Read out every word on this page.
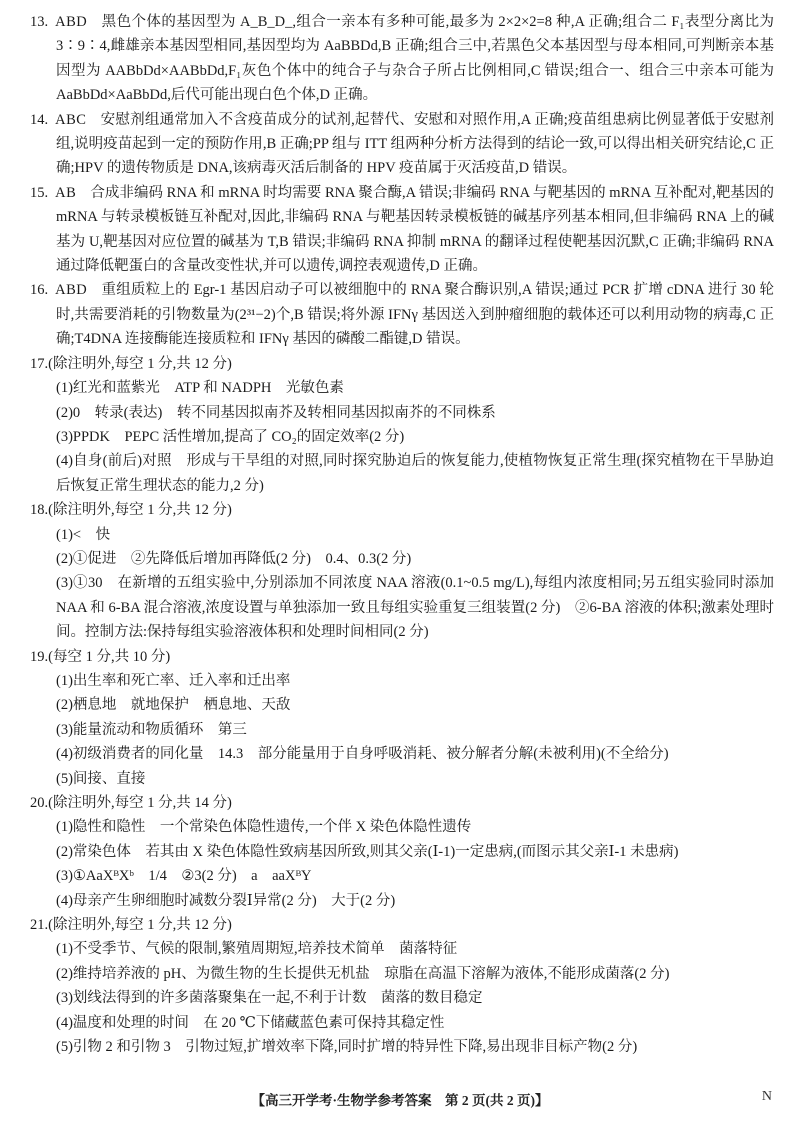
13. ABD 黑色个体的基因型为 A_B_D_,组合一亲本有多种可能,最多为 2×2×2=8 种,A 正确;组合二 F₁表型分离比为3∶9∶4,雌雄亲本基因型相同,基因型均为 AaBBDd,B 正确;组合三中,若黑色父本基因型与母本相同,可判断亲本基因型为 AABbDd×AABbDd,F₁灰色个体中的纯合子与杂合子所占比例相同,C 错误;组合一、组合三中亲本可能为 AaBbDd×AaBbDd,后代可能出现白色个体,D 正确。

14. ABC 安慰剂组通常加入不含疫苗成分的试剂,起替代、安慰和对照作用,A 正确;疫苗组患病比例显著低于安慰剂组,说明疫苗起到一定的预防作用,B 正确;PP 组与 ITT 组两种分析方法得到的结论一致,可以得出相关研究结论,C 正确;HPV 的遗传物质是 DNA,该病毒灭活后制备的 HPV 疫苗属于灭活疫苗,D 错误。

15. AB 合成非编码 RNA 和 mRNA 时均需要 RNA 聚合酶,A 错误;非编码 RNA 与靶基因的 mRNA 互补配对,靶基因的 mRNA 与转录模板链互补配对,因此,非编码 RNA 与靶基因转录模板链的碱基序列基本相同,但非编码 RNA 上的碱基为 U,靶基因对应位置的碱基为 T,B 错误;非编码 RNA 抑制 mRNA 的翻译过程使靶基因沉默,C 正确;非编码 RNA 通过降低靶蛋白的含量改变性状,并可以遗传,调控表观遗传,D 正确。

16. ABD 重组质粒上的 Egr-1 基因启动子可以被细胞中的 RNA 聚合酶识别,A 错误;通过 PCR 扩增 cDNA 进行 30 轮时,共需要消耗的引物数量为(2³¹−2)个,B 错误;将外源 IFNγ 基因送入到肿瘤细胞的载体还可以利用动物的病毒,C 正确;T4DNA 连接酶能连接质粒和 IFNγ 基因的磷酸二酯键,D 错误。

17.(除注明外,每空 1 分,共 12 分)

(1)红光和蓝紫光　ATP 和 NADPH　光敏色素

(2)0　转录(表达)　转不同基因拟南芥及转相同基因拟南芥的不同株系

(3)PPDK　PEPC 活性增加,提高了 CO₂的固定效率(2 分)

(4)自身(前后)对照　形成与干旱组的对照,同时探究胁迫后的恢复能力,使植物恢复正常生理(探究植物在干旱胁迫后恢复正常生理状态的能力,2 分)

18.(除注明外,每空 1 分,共 12 分)

(1)<　快

(2)①促进　②先降低后增加再降低(2 分)　0.4、0.3(2 分)

(3)①30　在新增的五组实验中,分别添加不同浓度 NAA 溶液(0.1~0.5 mg/L),每组内浓度相同;另五组实验同时添加 NAA 和 6-BA 混合溶液,浓度设置与单独添加一致且每组实验重复三组装置(2 分)　②6-BA 溶液的体积;激素处理时间。控制方法:保持每组实验溶液体积和处理时间相同(2 分)

19.(每空 1 分,共 10 分)

(1)出生率和死亡率、迁入率和迁出率

(2)栖息地　就地保护　栖息地、天敌

(3)能量流动和物质循环　第三

(4)初级消费者的同化量　14.3　部分能量用于自身呼吸消耗、被分解者分解(未被利用)(不全给分)

(5)间接、直接

20.(除注明外,每空 1 分,共 14 分)

(1)隐性和隐性　一个常染色体隐性遗传,一个伴 X 染色体隐性遗传

(2)常染色体　若其由 X 染色体隐性致病基因所致,则其父亲(Ⅰ-1)一定患病,(而图示其父亲Ⅰ-1 未患病)

(3)①AaXᴮXᵇ　1/4　②3(2 分)　a　aaXᴮY

(4)母亲产生卵细胞时减数分裂Ⅰ异常(2 分)　大于(2 分)

21.(除注明外,每空 1 分,共 12 分)

(1)不受季节、气候的限制,繁殖周期短,培养技术简单　菌落特征

(2)维持培养液的 pH、为微生物的生长提供无机盐　琼脂在高温下溶解为液体,不能形成菌落(2 分)

(3)划线法得到的许多菌落聚集在一起,不利于计数　菌落的数目稳定

(4)温度和处理的时间　在 20 ℃下储藏蓝色素可保持其稳定性

(5)引物 2 和引物 3　引物过短,扩增效率下降,同时扩增的特异性下降,易出现非目标产物(2 分)

【高三开学考·生物学参考答案　第 2 页(共 2 页)】	N
